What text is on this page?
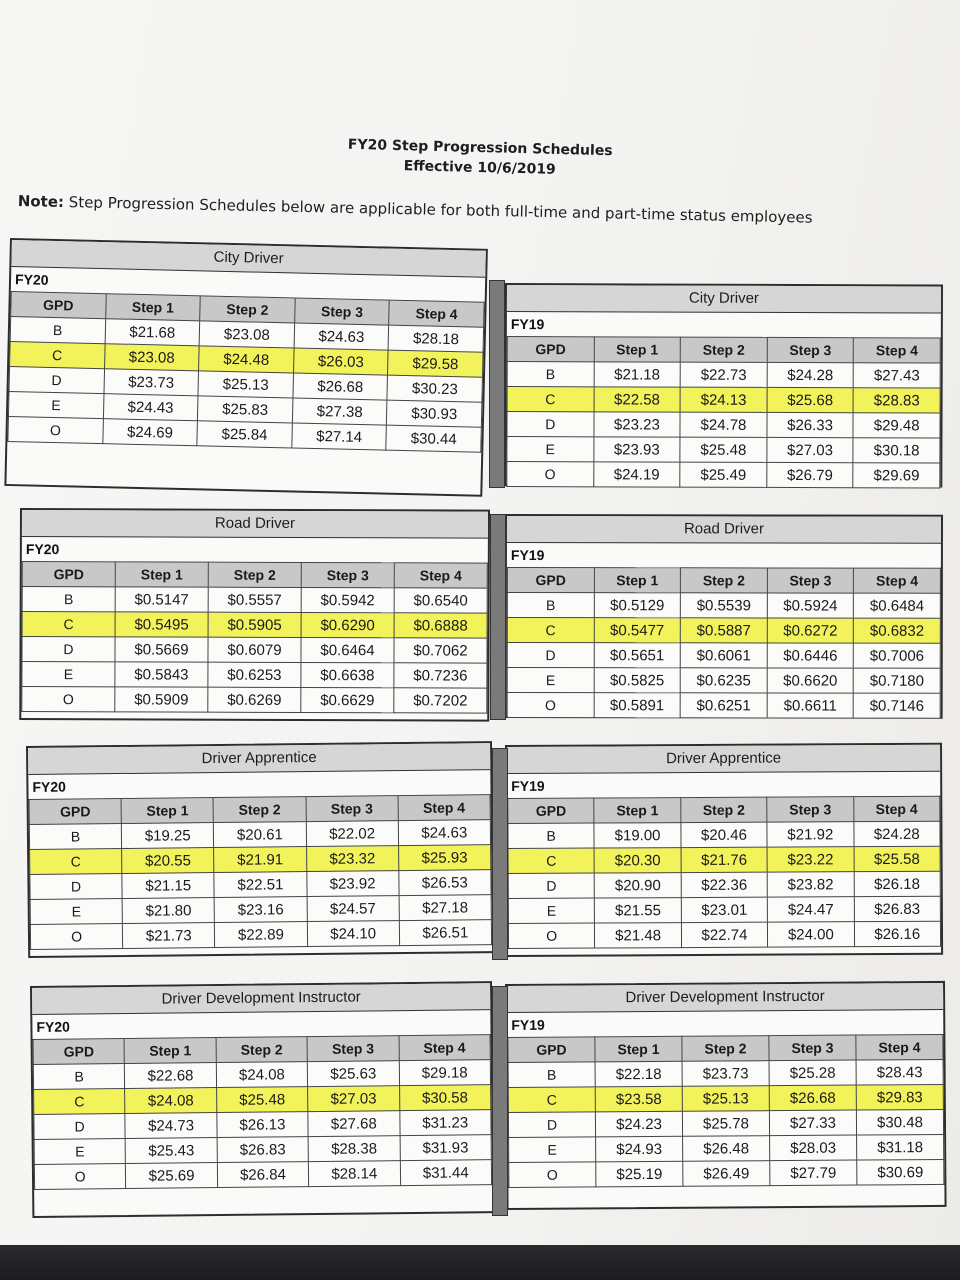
FY20 Step Progression Schedules
Effective 10/6/2019
Note: Step Progression Schedules below are applicable for both full-time and part-time status employees
City Driver
FY20
GPD	Step 1	Step 2	Step 3	Step 4
B	$21.68	$23.08	$24.63	$28.18
C	$23.08	$24.48	$26.03	$29.58
D	$23.73	$25.13	$26.68	$30.23
E	$24.43	$25.83	$27.38	$30.93
O	$24.69	$25.84	$27.14	$30.44
City Driver
FY19
GPD	Step 1	Step 2	Step 3	Step 4
B	$21.18	$22.73	$24.28	$27.43
C	$22.58	$24.13	$25.68	$28.83
D	$23.23	$24.78	$26.33	$29.48
E	$23.93	$25.48	$27.03	$30.18
O	$24.19	$25.49	$26.79	$29.69
Road Driver
FY20
GPD	Step 1	Step 2	Step 3	Step 4
B	$0.5147	$0.5557	$0.5942	$0.6540
C	$0.5495	$0.5905	$0.6290	$0.6888
D	$0.5669	$0.6079	$0.6464	$0.7062
E	$0.5843	$0.6253	$0.6638	$0.7236
O	$0.5909	$0.6269	$0.6629	$0.7202
Road Driver
FY19
GPD	Step 1	Step 2	Step 3	Step 4
B	$0.5129	$0.5539	$0.5924	$0.6484
C	$0.5477	$0.5887	$0.6272	$0.6832
D	$0.5651	$0.6061	$0.6446	$0.7006
E	$0.5825	$0.6235	$0.6620	$0.7180
O	$0.5891	$0.6251	$0.6611	$0.7146
Driver Apprentice
FY20
GPD	Step 1	Step 2	Step 3	Step 4
B	$19.25	$20.61	$22.02	$24.63
C	$20.55	$21.91	$23.32	$25.93
D	$21.15	$22.51	$23.92	$26.53
E	$21.80	$23.16	$24.57	$27.18
O	$21.73	$22.89	$24.10	$26.51
Driver Apprentice
FY19
GPD	Step 1	Step 2	Step 3	Step 4
B	$19.00	$20.46	$21.92	$24.28
C	$20.30	$21.76	$23.22	$25.58
D	$20.90	$22.36	$23.82	$26.18
E	$21.55	$23.01	$24.47	$26.83
O	$21.48	$22.74	$24.00	$26.16
Driver Development Instructor
FY20
GPD	Step 1	Step 2	Step 3	Step 4
B	$22.68	$24.08	$25.63	$29.18
C	$24.08	$25.48	$27.03	$30.58
D	$24.73	$26.13	$27.68	$31.23
E	$25.43	$26.83	$28.38	$31.93
O	$25.69	$26.84	$28.14	$31.44
Driver Development Instructor
FY19
GPD	Step 1	Step 2	Step 3	Step 4
B	$22.18	$23.73	$25.28	$28.43
C	$23.58	$25.13	$26.68	$29.83
D	$24.23	$25.78	$27.33	$30.48
E	$24.93	$26.48	$28.03	$31.18
O	$25.19	$26.49	$27.79	$30.69
